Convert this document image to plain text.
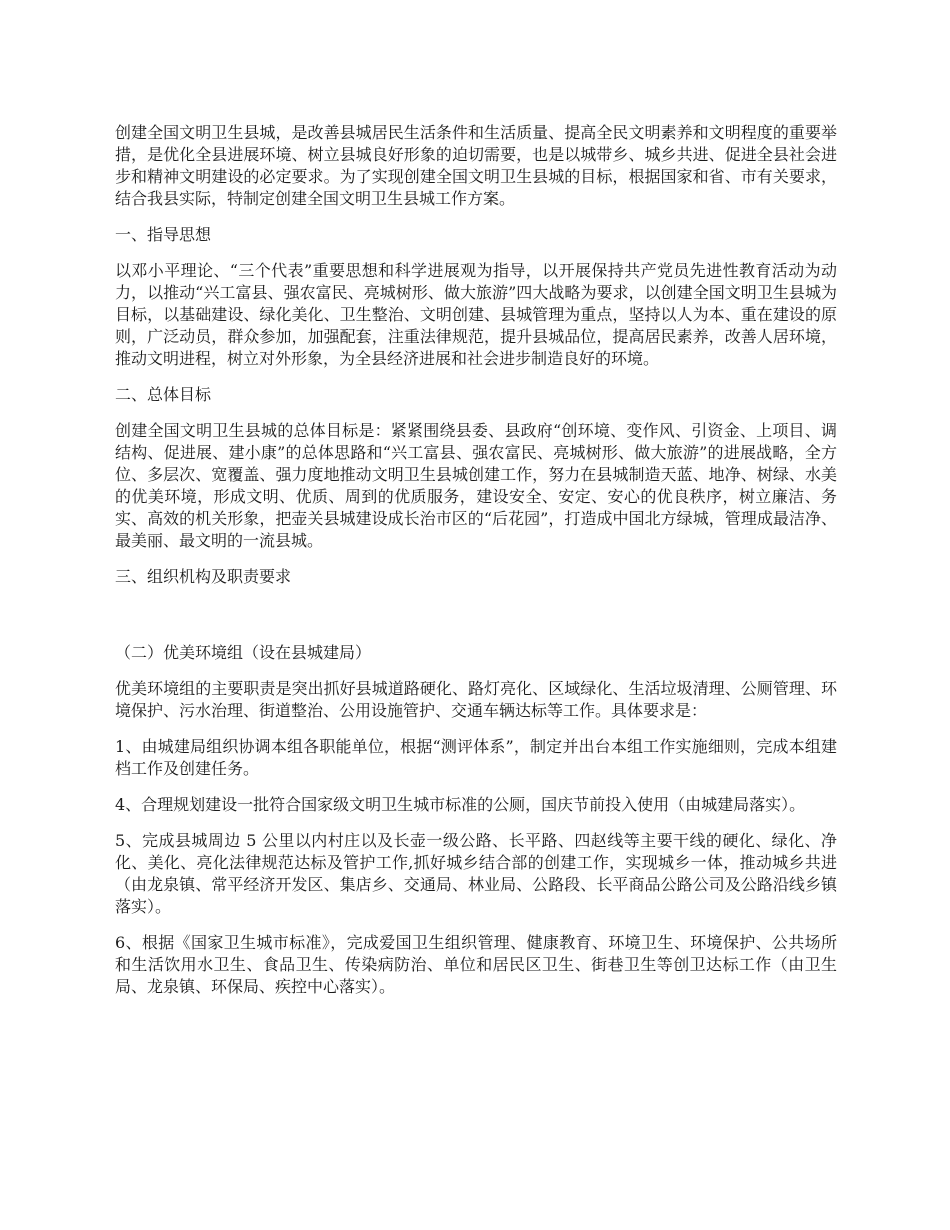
创建全国文明卫生县城，是改善县城居民生活条件和生活质量、提高全民文明素养和文明程度的重要举措，是优化全县进展环境、树立县城良好形象的迫切需要，也是以城带乡、城乡共进、促进全县社会进步和精神文明建设的必定要求。为了实现创建全国文明卫生县城的目标，根据国家和省、市有关要求，结合我县实际，特制定创建全国文明卫生县城工作方案。

一、指导思想

以邓小平理论、“三个代表”重要思想和科学进展观为指导，以开展保持共产党员先进性教育活动为动力，以推动“兴工富县、强农富民、亮城树形、做大旅游”四大战略为要求，以创建全国文明卫生县城为目标，以基础建设、绿化美化、卫生整治、文明创建、县城管理为重点，坚持以人为本、重在建设的原则，广泛动员，群众参加，加强配套，注重法律规范，提升县城品位，提高居民素养，改善人居环境，推动文明进程，树立对外形象，为全县经济进展和社会进步制造良好的环境。

二、总体目标

创建全国文明卫生县城的总体目标是：紧紧围绕县委、县政府“创环境、变作风、引资金、上项目、调结构、促进展、建小康”的总体思路和“兴工富县、强农富民、亮城树形、做大旅游”的进展战略，全方位、多层次、宽覆盖、强力度地推动文明卫生县城创建工作，努力在县城制造天蓝、地净、树绿、水美的优美环境，形成文明、优质、周到的优质服务，建设安全、安定、安心的优良秩序，树立廉洁、务实、高效的机关形象，把壶关县城建设成长治市区的“后花园”，打造成中国北方绿城，管理成最洁净、最美丽、最文明的一流县城。

三、组织机构及职责要求

（二）优美环境组（设在县城建局）

优美环境组的主要职责是突出抓好县城道路硬化、路灯亮化、区域绿化、生活垃圾清理、公厕管理、环境保护、污水治理、街道整治、公用设施管护、交通车辆达标等工作。具体要求是：

1、由城建局组织协调本组各职能单位，根据“测评体系”，制定并出台本组工作实施细则，完成本组建档工作及创建任务。

4、合理规划建设一批符合国家级文明卫生城市标准的公厕，国庆节前投入使用（由城建局落实）。

5、完成县城周边 5 公里以内村庄以及长壶一级公路、长平路、四赵线等主要干线的硬化、绿化、净化、美化、亮化法律规范达标及管护工作,抓好城乡结合部的创建工作，实现城乡一体，推动城乡共进（由龙泉镇、常平经济开发区、集店乡、交通局、林业局、公路段、长平商品公路公司及公路沿线乡镇落实）。

6、根据《国家卫生城市标准》，完成爱国卫生组织管理、健康教育、环境卫生、环境保护、公共场所和生活饮用水卫生、食品卫生、传染病防治、单位和居民区卫生、街巷卫生等创卫达标工作（由卫生局、龙泉镇、环保局、疾控中心落实）。
